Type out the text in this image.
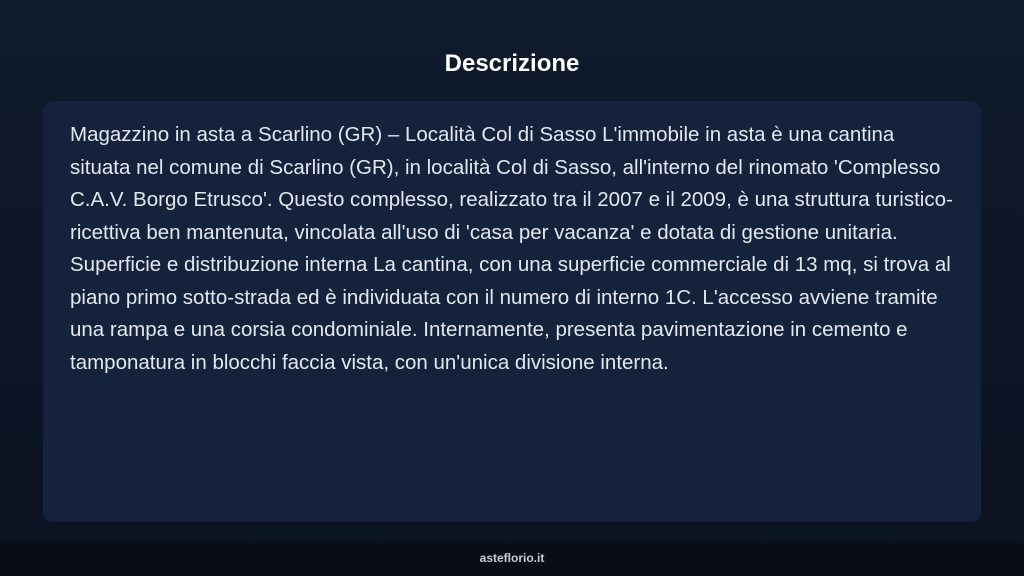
Descrizione

Magazzino in asta a Scarlino (GR) – Località Col di Sasso L'immobile in asta è una cantina situata nel comune di Scarlino (GR), in località Col di Sasso, all'interno del rinomato 'Complesso C.A.V. Borgo Etrusco'. Questo complesso, realizzato tra il 2007 e il 2009, è una struttura turistico-ricettiva ben mantenuta, vincolata all'uso di 'casa per vacanza' e dotata di gestione unitaria. Superficie e distribuzione interna La cantina, con una superficie commerciale di 13 mq, si trova al piano primo sotto-strada ed è individuata con il numero di interno 1C. L'accesso avviene tramite una rampa e una corsia condominiale. Internamente, presenta pavimentazione in cemento e tamponatura in blocchi faccia vista, con un'unica divisione interna.

asteflorio.it
